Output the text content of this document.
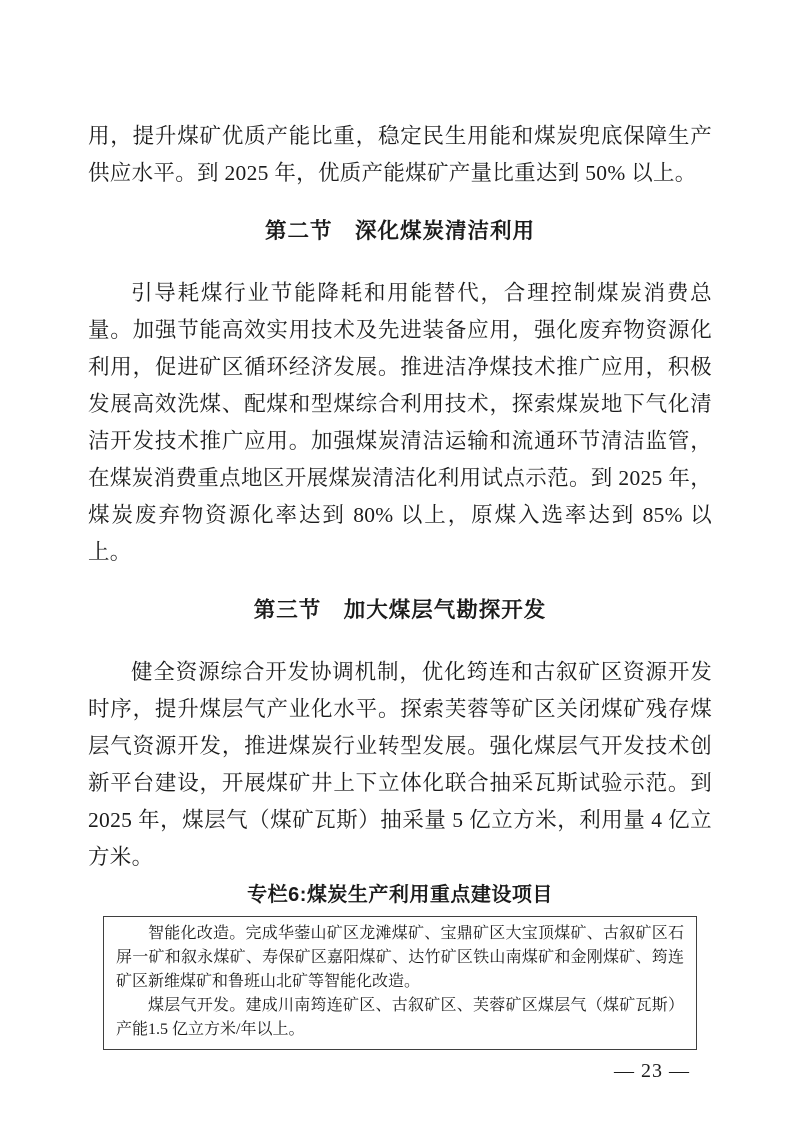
用，提升煤矿优质产能比重，稳定民生用能和煤炭兜底保障生产供应水平。到 2025 年，优质产能煤矿产量比重达到 50% 以上。

第二节　深化煤炭清洁利用

引导耗煤行业节能降耗和用能替代，合理控制煤炭消费总量。加强节能高效实用技术及先进装备应用，强化废弃物资源化利用，促进矿区循环经济发展。推进洁净煤技术推广应用，积极发展高效洗煤、配煤和型煤综合利用技术，探索煤炭地下气化清洁开发技术推广应用。加强煤炭清洁运输和流通环节清洁监管，在煤炭消费重点地区开展煤炭清洁化利用试点示范。到 2025 年，煤炭废弃物资源化率达到 80% 以上，原煤入选率达到 85% 以上。

第三节　加大煤层气勘探开发

健全资源综合开发协调机制，优化筠连和古叙矿区资源开发时序，提升煤层气产业化水平。探索芙蓉等矿区关闭煤矿残存煤层气资源开发，推进煤炭行业转型发展。强化煤层气开发技术创新平台建设，开展煤矿井上下立体化联合抽采瓦斯试验示范。到 2025 年，煤层气（煤矿瓦斯）抽采量 5 亿立方米，利用量 4 亿立方米。

专栏6:煤炭生产利用重点建设项目

智能化改造。完成华蓥山矿区龙滩煤矿、宝鼎矿区大宝顶煤矿、古叙矿区石屏一矿和叙永煤矿、寿保矿区嘉阳煤矿、达竹矿区铁山南煤矿和金刚煤矿、筠连矿区新维煤矿和鲁班山北矿等智能化改造。

煤层气开发。建成川南筠连矿区、古叙矿区、芙蓉矿区煤层气（煤矿瓦斯）产能1.5 亿立方米/年以上。

— 23 —
